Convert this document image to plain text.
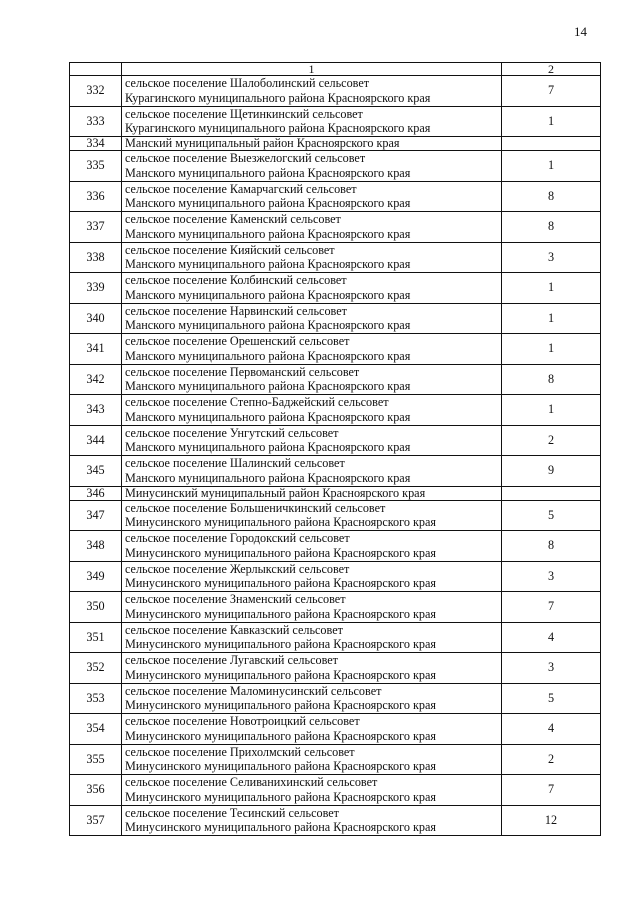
14
	1	2
332	сельское поселение Шалоболинский сельсовет
Курагинского муниципального района Красноярского края	7
333	сельское поселение Щетинкинский сельсовет
Курагинского муниципального района Красноярского края	1
334	Манский муниципальный район Красноярского края	

335	сельское поселение Выезжелогский сельсовет
Манского муниципального района Красноярского края	1
336	сельское поселение Камарчагский сельсовет
Манского муниципального района Красноярского края	8
337	сельское поселение Каменский сельсовет
Манского муниципального района Красноярского края	8
338	сельское поселение Кияйский сельсовет
Манского муниципального района Красноярского края	3
339	сельское поселение Колбинский сельсовет
Манского муниципального района Красноярского края	1
340	сельское поселение Нарвинский сельсовет
Манского муниципального района Красноярского края	1
341	сельское поселение Орешенский сельсовет
Манского муниципального района Красноярского края	1
342	сельское поселение Первоманский сельсовет
Манского муниципального района Красноярского края	8
343	сельское поселение Степно-Баджейский сельсовет
Манского муниципального района Красноярского края	1
344	сельское поселение Унгутский сельсовет
Манского муниципального района Красноярского края	2
345	сельское поселение Шалинский сельсовет
Манского муниципального района Красноярского края	9
346	Минусинский муниципальный район Красноярского края	

347	сельское поселение Большеничкинский сельсовет
Минусинского муниципального района Красноярского края	5
348	сельское поселение Городокский сельсовет
Минусинского муниципального района Красноярского края	8
349	сельское поселение Жерлыкский сельсовет
Минусинского муниципального района Красноярского края	3
350	сельское поселение Знаменский сельсовет
Минусинского муниципального района Красноярского края	7
351	сельское поселение Кавказский сельсовет
Минусинского муниципального района Красноярского края	4
352	сельское поселение Лугавский сельсовет
Минусинского муниципального района Красноярского края	3
353	сельское поселение Маломинусинский сельсовет
Минусинского муниципального района Красноярского края	5
354	сельское поселение Новотроицкий сельсовет
Минусинского муниципального района Красноярского края	4
355	сельское поселение Прихолмский сельсовет
Минусинского муниципального района Красноярского края	2
356	сельское поселение Селиванихинский сельсовет
Минусинского муниципального района Красноярского края	7
357	сельское поселение Тесинский сельсовет
Минусинского муниципального района Красноярского края	12
